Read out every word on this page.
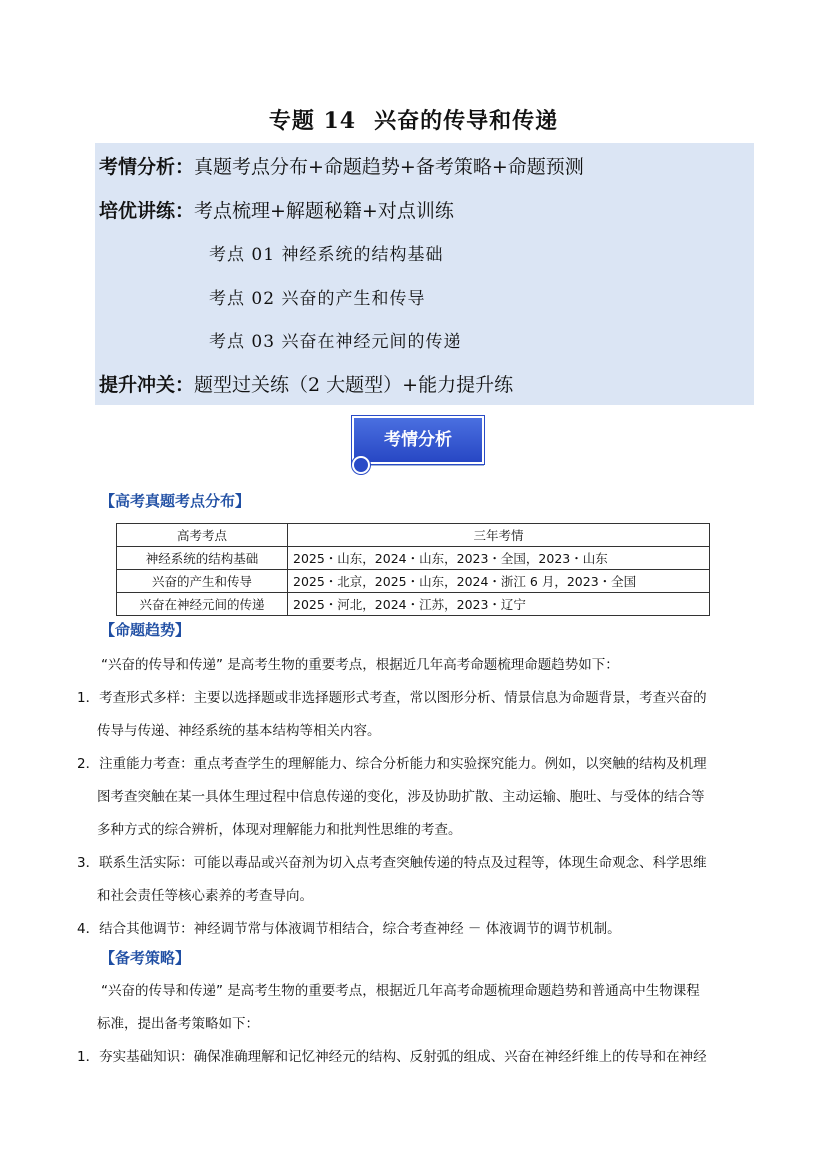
专题 14 兴奋的传导和传递
考情分析：真题考点分布+命题趋势+备考策略+命题预测
培优讲练：考点梳理+解题秘籍+对点训练
考点 01 神经系统的结构基础
考点 02 兴奋的产生和传导
考点 03 兴奋在神经元间的传递
提升冲关：题型过关练（2 大题型）+能力提升练
考情分析
【高考真题考点分布】
高考考点	三年考情
神经系统的结构基础	2025・山东，2024・山东，2023・全国，2023・山东
兴奋的产生和传导	2025・北京，2025・山东，2024・浙江 6 月，2023・全国
兴奋在神经元间的传递	2025・河北，2024・江苏，2023・辽宁
【命题趋势】
“兴奋的传导和传递” 是高考生物的重要考点，根据近几年高考命题梳理命题趋势如下：
1．考查形式多样：主要以选择题或非选择题形式考查，常以图形分析、情景信息为命题背景，考查兴奋的
传导与传递、神经系统的基本结构等相关内容。
2．注重能力考查：重点考查学生的理解能力、综合分析能力和实验探究能力。例如，以突触的结构及机理
图考查突触在某一具体生理过程中信息传递的变化，涉及协助扩散、主动运输、胞吐、与受体的结合等
多种方式的综合辨析，体现对理解能力和批判性思维的考查。
3．联系生活实际：可能以毒品或兴奋剂为切入点考查突触传递的特点及过程等，体现生命观念、科学思维
和社会责任等核心素养的考查导向。
4．结合其他调节：神经调节常与体液调节相结合，综合考查神经 － 体液调节的调节机制。
【备考策略】
“兴奋的传导和传递” 是高考生物的重要考点，根据近几年高考命题梳理命题趋势和普通高中生物课程
标准，提出备考策略如下：
1．夯实基础知识：确保准确理解和记忆神经元的结构、反射弧的组成、兴奋在神经纤维上的传导和在神经
